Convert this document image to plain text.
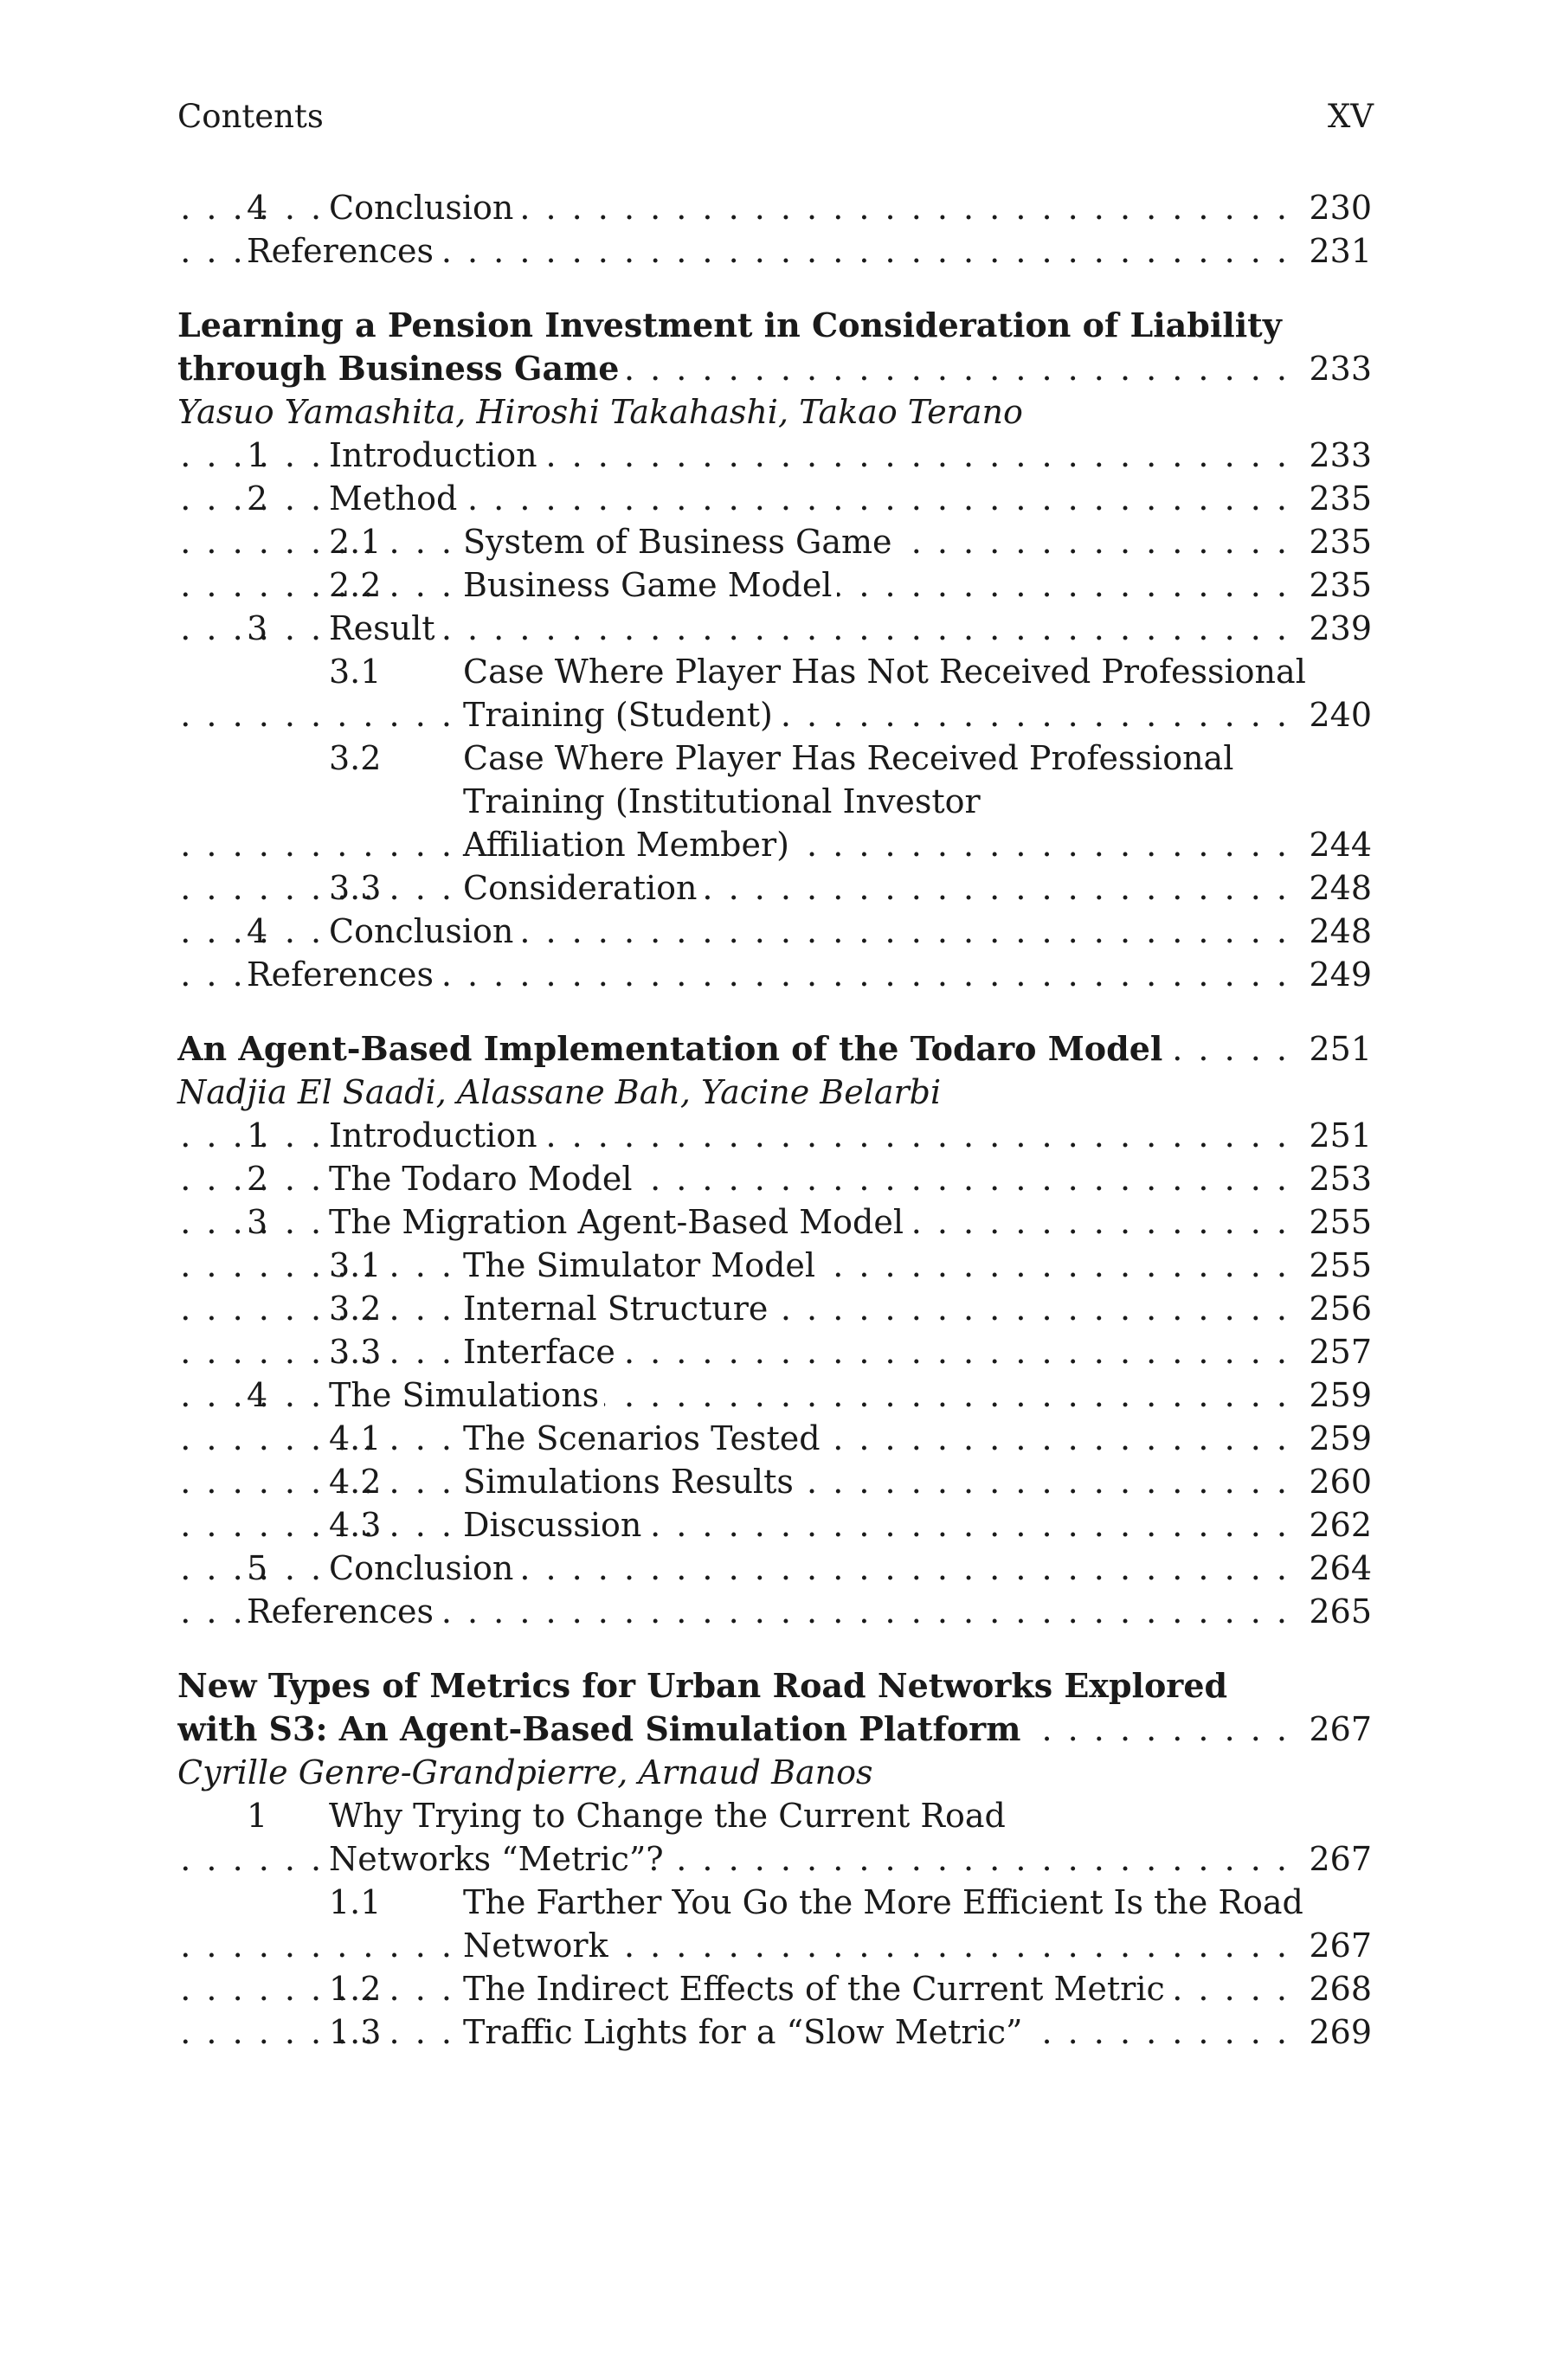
Contents	XV
4 Conclusion	230
. . .
References	231
. . .
Learning a Pension Investment in Consideration of Liability
through Business Game	233
. . .
Yasuo Yamashita, Hiroshi Takahashi, Takao Terano
1 Introduction	233
. . .
2 Method	235
. . .
2.1 System of Business Game	235
. . .
2.2 Business Game Model	235
. . .
3 Result	239
. . .
3.1 Case Where Player Has Not Received Professional
Training (Student)	240
. . .
3.2 Case Where Player Has Received Professional
Training (Institutional Investor
Affiliation Member)	244
. . .
3.3 Consideration	248
. . .
4 Conclusion	248
. . .
References	249
. . .
An Agent-Based Implementation of the Todaro Model	251
. . .
Nadjia El Saadi, Alassane Bah, Yacine Belarbi
1 Introduction	251
. . .
2 The Todaro Model	253
. . .
3 The Migration Agent-Based Model	255
. . .
3.1 The Simulator Model	255
. . .
3.2 Internal Structure	256
. . .
3.3 Interface	257
. . .
4 The Simulations	259
. . .
4.1 The Scenarios Tested	259
. . .
4.2 Simulations Results	260
. . .
4.3 Discussion	262
. . .
5 Conclusion	264
. . .
References	265
. . .
New Types of Metrics for Urban Road Networks Explored
with S3: An Agent-Based Simulation Platform	267
. . .
Cyrille Genre-Grandpierre, Arnaud Banos
1 Why Trying to Change the Current Road
Networks “Metric”?	267
. . .
1.1 The Farther You Go the More Efficient Is the Road
Network	267
. . .
1.2 The Indirect Effects of the Current Metric	268
. . .
1.3 Traffic Lights for a “Slow Metric”	269
. . .
